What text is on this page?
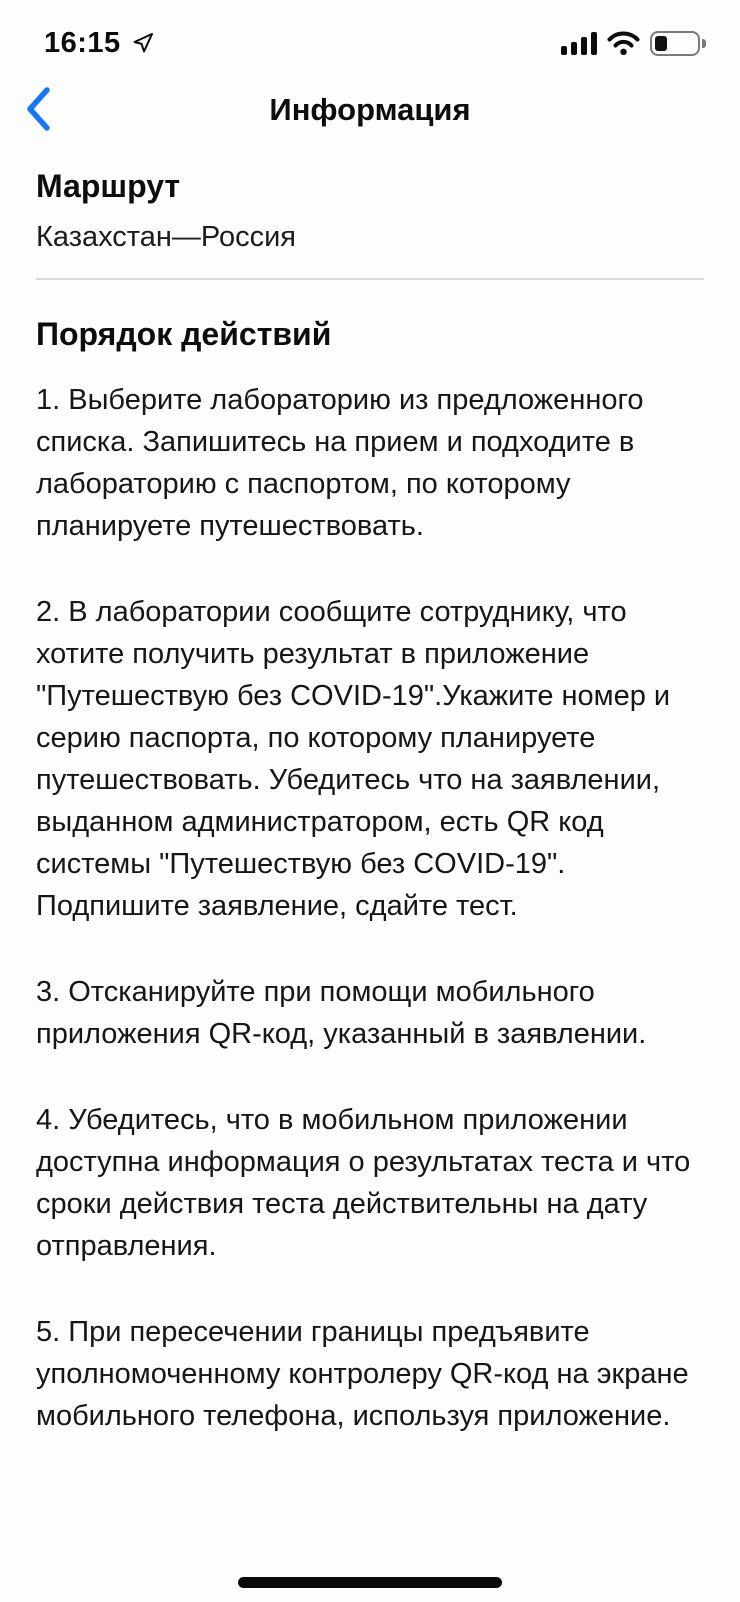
16:15
Информация
Маршрут
Казахстан—Россия
Порядок действий

1. Выберите лабораторию из предложенного списка. Запишитесь на прием и подходите в лабораторию с паспортом, по которому планируете путешествовать.

2. В лаборатории сообщите сотруднику, что хотите получить результат в приложение "Путешествую без COVID-19".Укажите номер и серию паспорта, по которому планируете путешествовать. Убедитесь что на заявлении, выданном администратором, есть QR код системы "Путешествую без COVID-19". Подпишите заявление, сдайте тест.

3. Отсканируйте при помощи мобильного приложения QR-код, указанный в заявлении.

4. Убедитесь, что в мобильном приложении доступна информация о результатах теста и что сроки действия теста действительны на дату отправления.

5. При пересечении границы предъявите уполномоченному контролеру QR-код на экране мобильного телефона, используя приложение.
